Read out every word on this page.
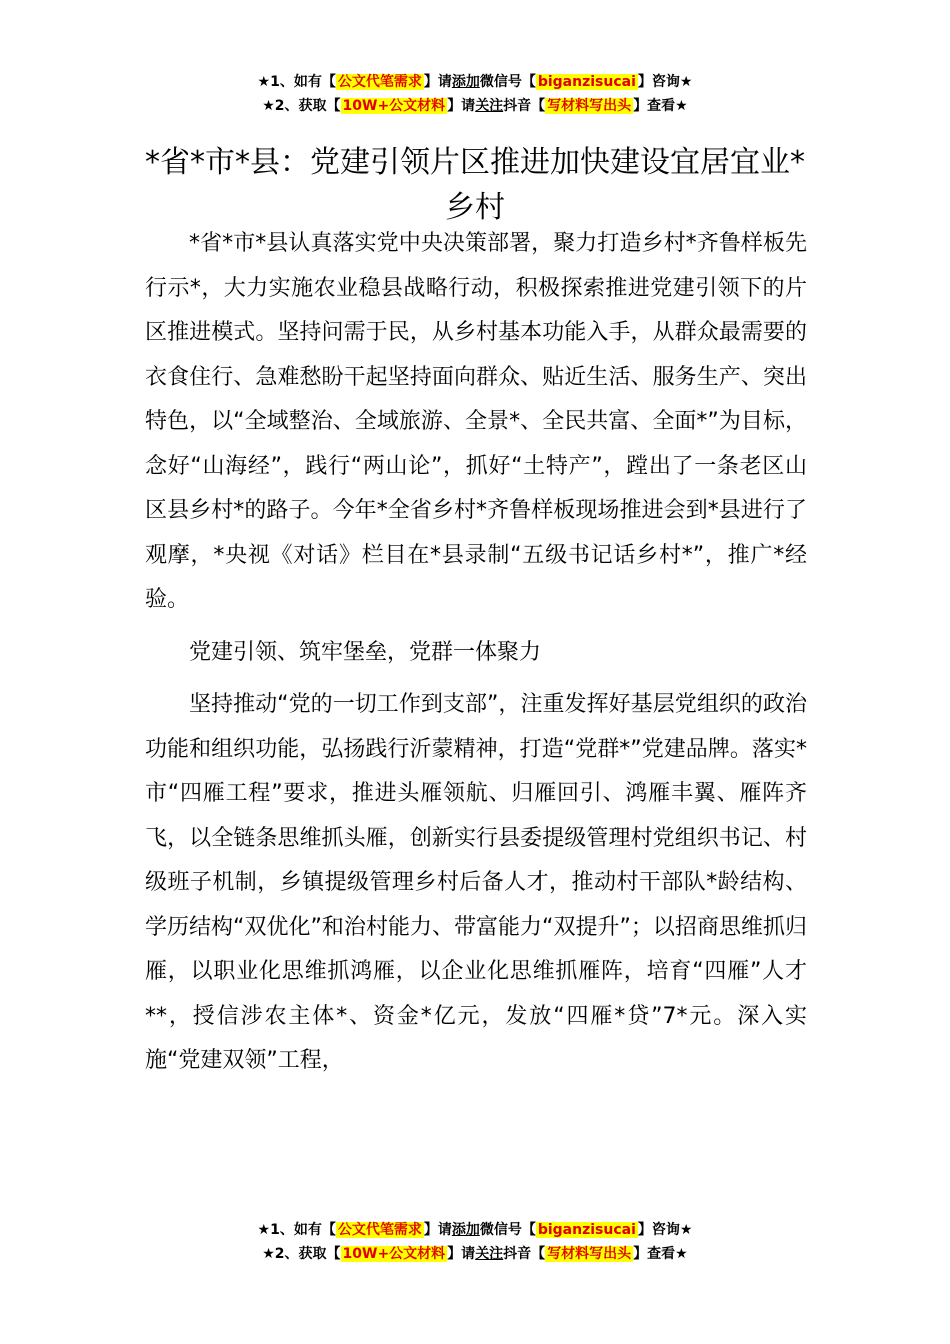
★1、如有【 公文代笔需求 】请添加微信号【 biganzisucai 】咨询★
★2、获取【 10W+公文材料 】请关注抖音【 写材料写出头 】查看★
*省*市*县：党建引领片区推进加快建设宜居宜业*乡村

*省*市*县认真落实党中央决策部署，聚力打造乡村*齐鲁样板先行示*，大力实施农业稳县战略行动，积极探索推进党建引领下的片区推进模式。坚持问需于民，从乡村基本功能入手，从群众最需要的衣食住行、急难愁盼干起坚持面向群众、贴近生活、服务生产、突出特色，以“全域整治、全域旅游、全景*、全民共富、全面*”为目标，念好“山海经”，践行“两山论”，抓好“土特产”，蹚出了一条老区山区县乡村*的路子。今年*全省乡村*齐鲁样板现场推进会到*县进行了观摩，*央视《对话》栏目在*县录制“五级书记话乡村*”，推广*经验。

党建引领、筑牢堡垒，党群一体聚力

坚持推动“党的一切工作到支部”，注重发挥好基层党组织的政治功能和组织功能，弘扬践行沂蒙精神，打造“党群*”党建品牌。落实*市“四雁工程”要求，推进头雁领航、归雁回引、鸿雁丰翼、雁阵齐飞，以全链条思维抓头雁，创新实行县委提级管理村党组织书记、村级班子机制，乡镇提级管理乡村后备人才，推动村干部队*龄结构、学历结构“双优化”和治村能力、带富能力“双提升”；以招商思维抓归雁，以职业化思维抓鸿雁，以企业化思维抓雁阵，培育“四雁”人才**，授信涉农主体*、资金*亿元，发放“四雁*贷”7*元。深入实施“党建双领”工程，

★1、如有【 公文代笔需求 】请添加微信号【 biganzisucai 】咨询★
★2、获取【 10W+公文材料 】请关注抖音【 写材料写出头 】查看★
